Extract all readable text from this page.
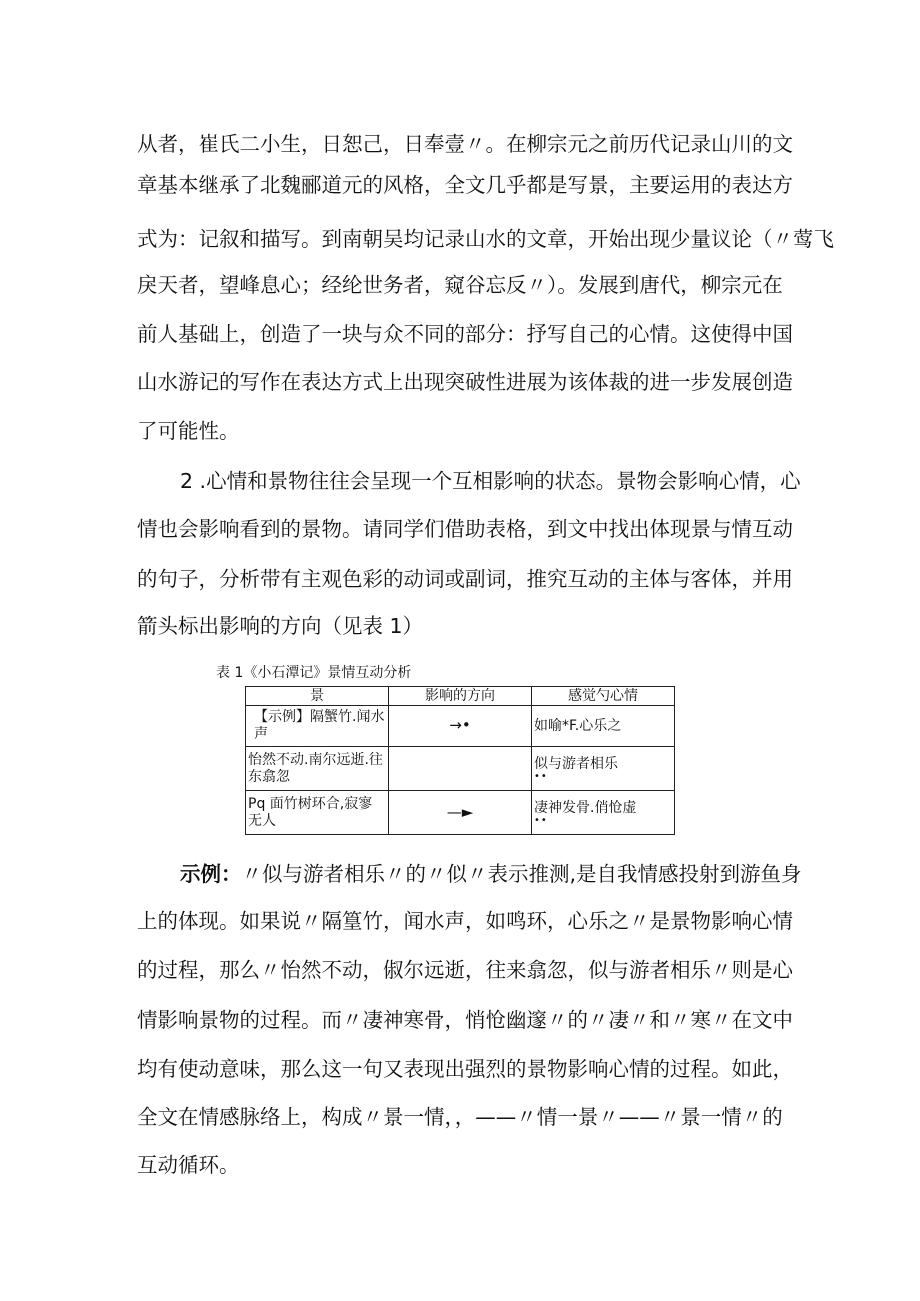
从者，崔氏二小生，日恕己，日奉壹〃。在柳宗元之前历代记录山川的文
章基本继承了北魏郦道元的风格，全文几乎都是写景，主要运用的表达方
式为：记叙和描写。到南朝吴均记录山水的文章，开始出现少量议论（〃莺飞
戾天者，望峰息心；经纶世务者，窥谷忘反〃）。发展到唐代，柳宗元在
前人基础上，创造了一块与众不同的部分：抒写自己的心情。这使得中国
山水游记的写作在表达方式上出现突破性进展为该体裁的进一步发展创造
了可能性。
2 .心情和景物往往会呈现一个互相影响的状态。景物会影响心情，心
情也会影响看到的景物。请同学们借助表格，到文中找出体现景与情互动
的句子，分析带有主观色彩的动词或副词，推究互动的主体与客体，并用
箭头标出影响的方向（见表 1）
表 1《小石潭记》景情互动分析
景	影响的方向	感觉勺心情
【示例】隔蟹竹.闻水声	→•	如喻*F.心乐之
怡然不动.南尔远逝.往东翕忽		似与游者相乐
••

Pq 面竹树环合,寂寥无人	—►	凄神发骨.俏怆虚
••
示例：〃似与游者相乐〃的〃似〃表示推测,是自我情感投射到游鱼身
上的体现。如果说〃隔篁竹，闻水声，如鸣环，心乐之〃是景物影响心情
的过程，那么〃怡然不动，俶尔远逝，往来翕忽，似与游者相乐〃则是心
情影响景物的过程。而〃凄神寒骨，悄怆幽邃〃的〃凄〃和〃寒〃在文中
均有使动意味，那么这一句又表现出强烈的景物影响心情的过程。如此，
全文在情感脉络上，构成〃景一情，，——〃情一景〃——〃景一情〃的
互动循环。
